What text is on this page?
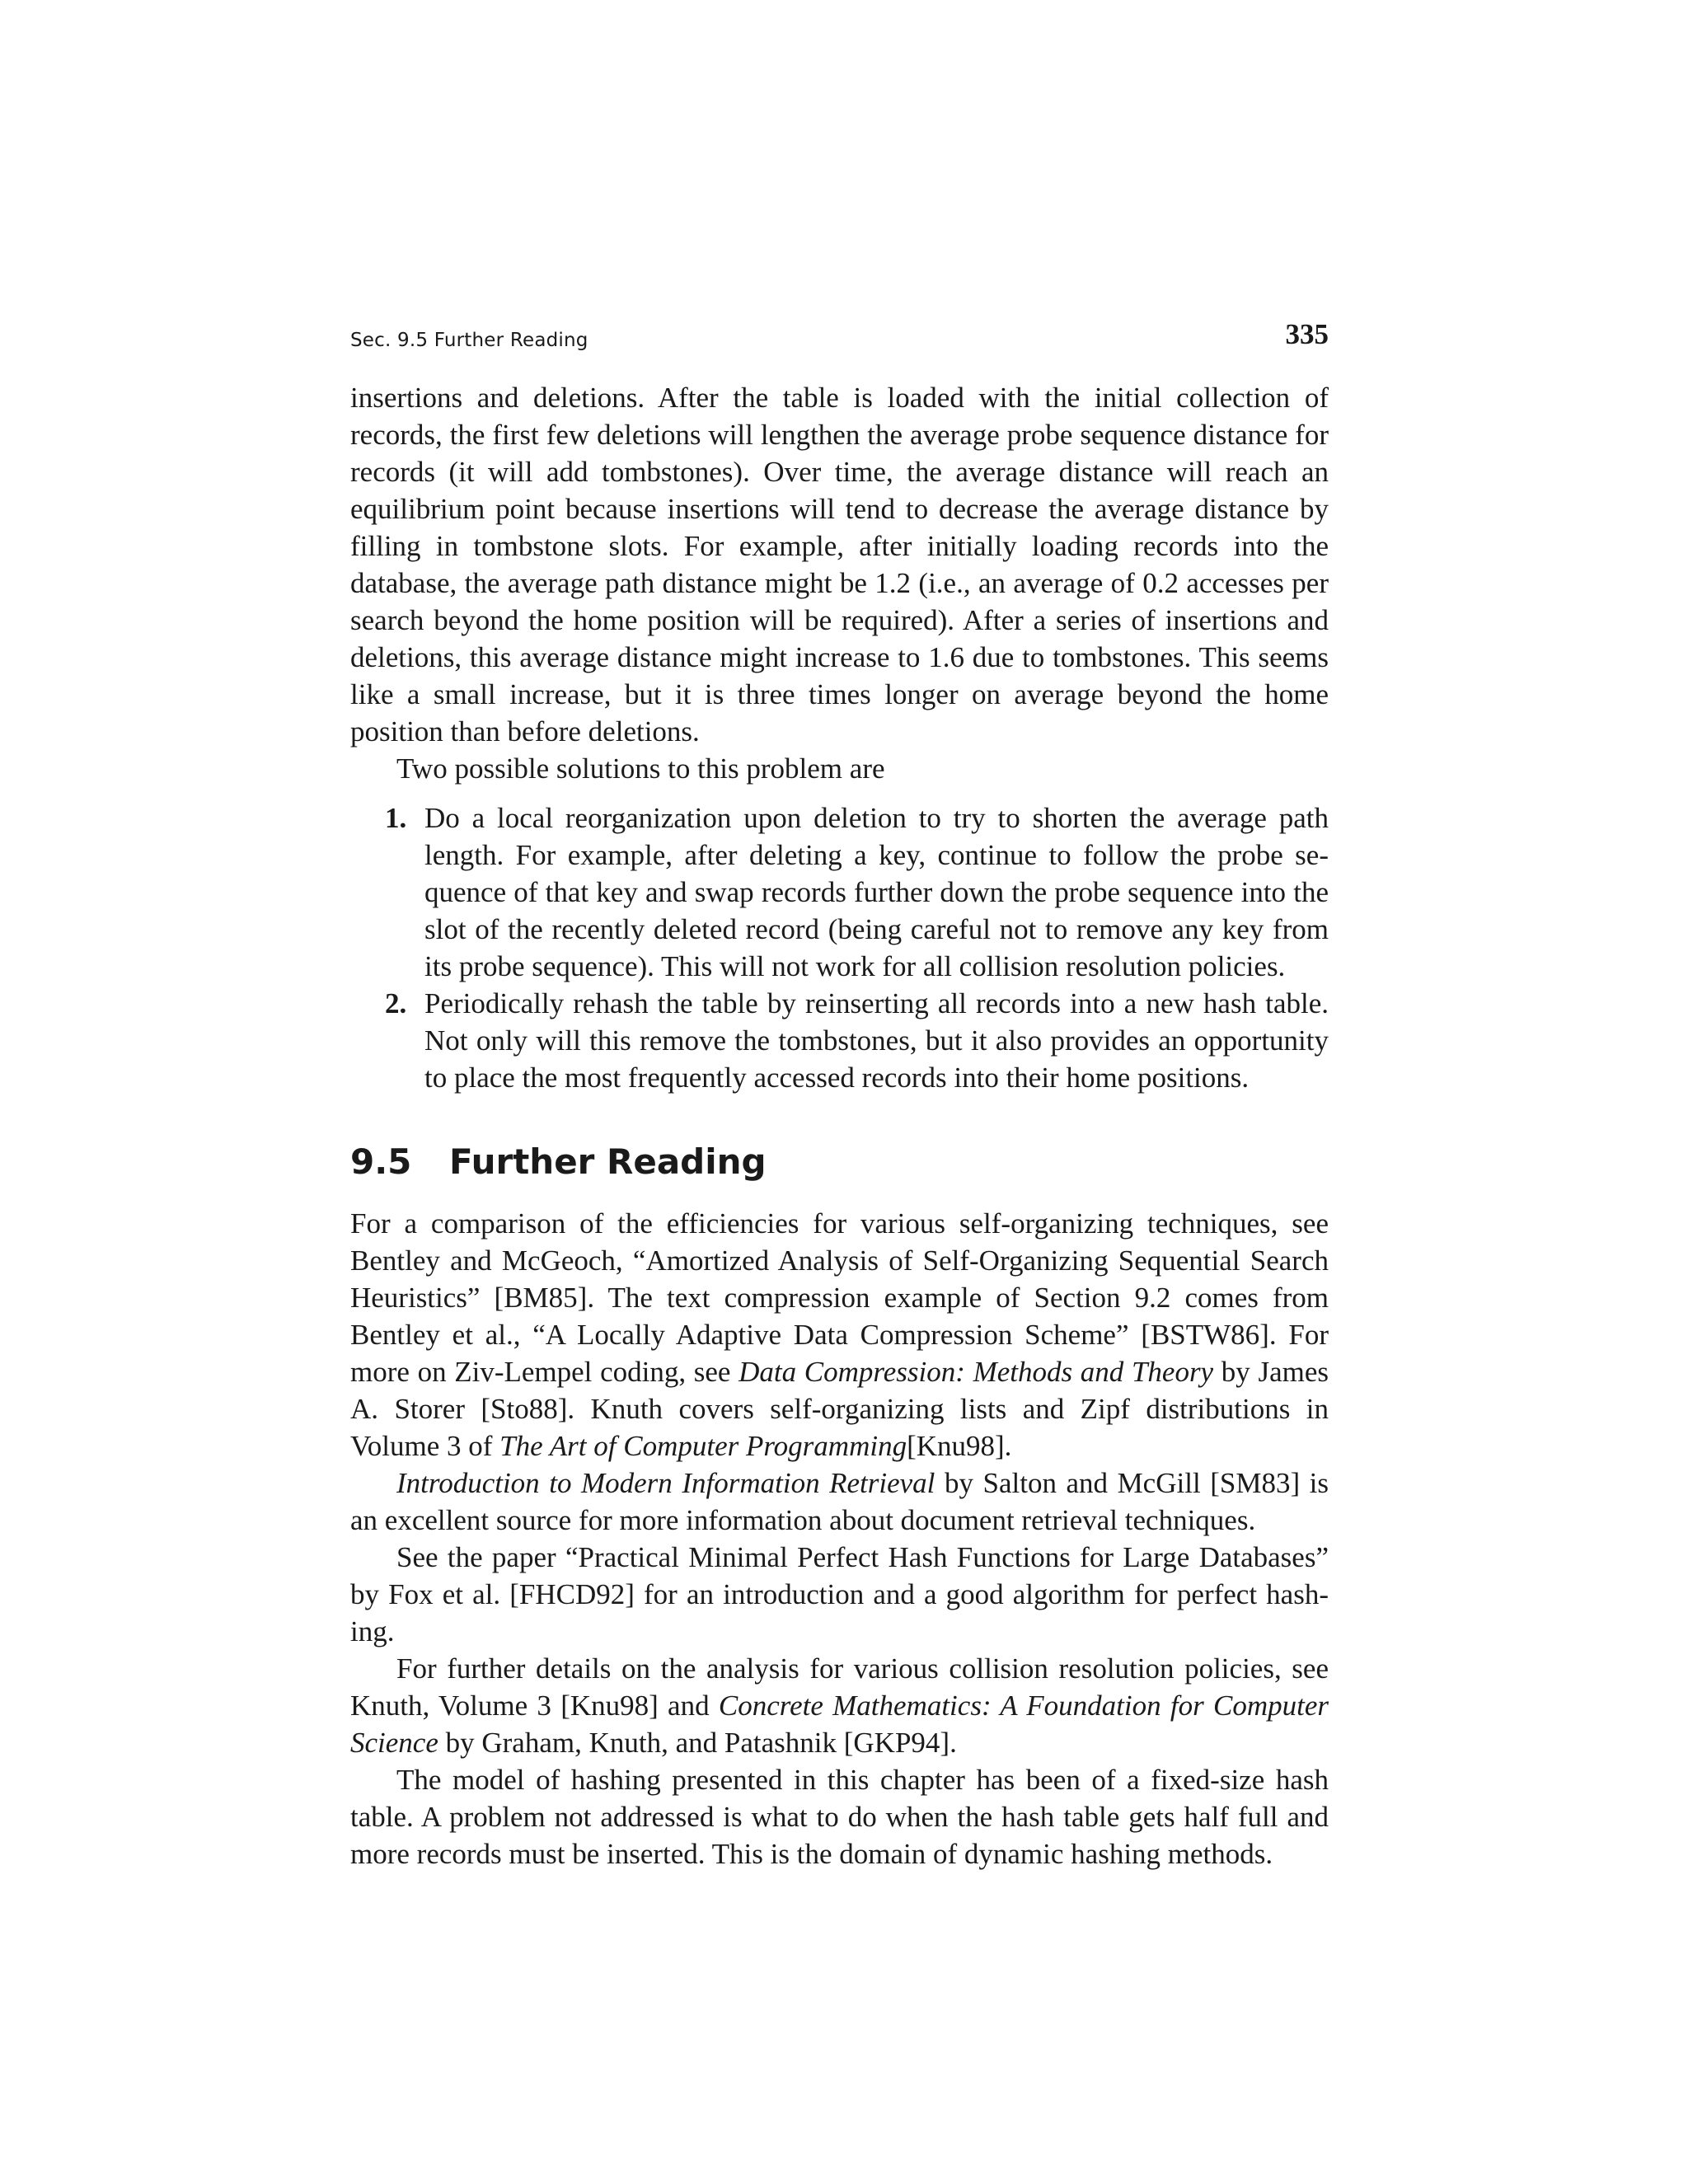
Sec. 9.5 Further Reading	335

insertions and deletions. After the table is loaded with the initial collection of records, the first few deletions will lengthen the average probe sequence distance for records (it will add tombstones). Over time, the average distance will reach an equilibrium point because insertions will tend to decrease the average distance by filling in tombstone slots. For example, after initially loading records into the database, the average path distance might be 1.2 (i.e., an average of 0.2 accesses per search beyond the home position will be required). After a series of insertions and deletions, this average distance might increase to 1.6 due to tombstones. This seems like a small increase, but it is three times longer on average beyond the home position than before deletions.

Two possible solutions to this problem are

1. Do a local reorganization upon deletion to try to shorten the average path length. For example, after deleting a key, continue to follow the probe sequence of that key and swap records further down the probe sequence into the slot of the recently deleted record (being careful not to remove any key from its probe sequence). This will not work for all collision resolution policies.
2. Periodically rehash the table by reinserting all records into a new hash table. Not only will this remove the tombstones, but it also provides an opportunity to place the most frequently accessed records into their home positions.
9.5 Further Reading

For a comparison of the efficiencies for various self-organizing techniques, see Bentley and McGeoch, “Amortized Analysis of Self-Organizing Sequential Search Heuristics” [BM85]. The text compression example of Section 9.2 comes from Bentley et al., “A Locally Adaptive Data Compression Scheme” [BSTW86]. For more on Ziv-Lempel coding, see Data Compression: Methods and Theory by James A. Storer [Sto88]. Knuth covers self-organizing lists and Zipf distributions in Volume 3 of The Art of Computer Programming[Knu98].

Introduction to Modern Information Retrieval by Salton and McGill [SM83] is an excellent source for more information about document retrieval techniques.

See the paper “Practical Minimal Perfect Hash Functions for Large Databases” by Fox et al. [FHCD92] for an introduction and a good algorithm for perfect hashing.

For further details on the analysis for various collision resolution policies, see Knuth, Volume 3 [Knu98] and Concrete Mathematics: A Foundation for Computer Science by Graham, Knuth, and Patashnik [GKP94].

The model of hashing presented in this chapter has been of a fixed-size hash table. A problem not addressed is what to do when the hash table gets half full and more records must be inserted. This is the domain of dynamic hashing methods.
